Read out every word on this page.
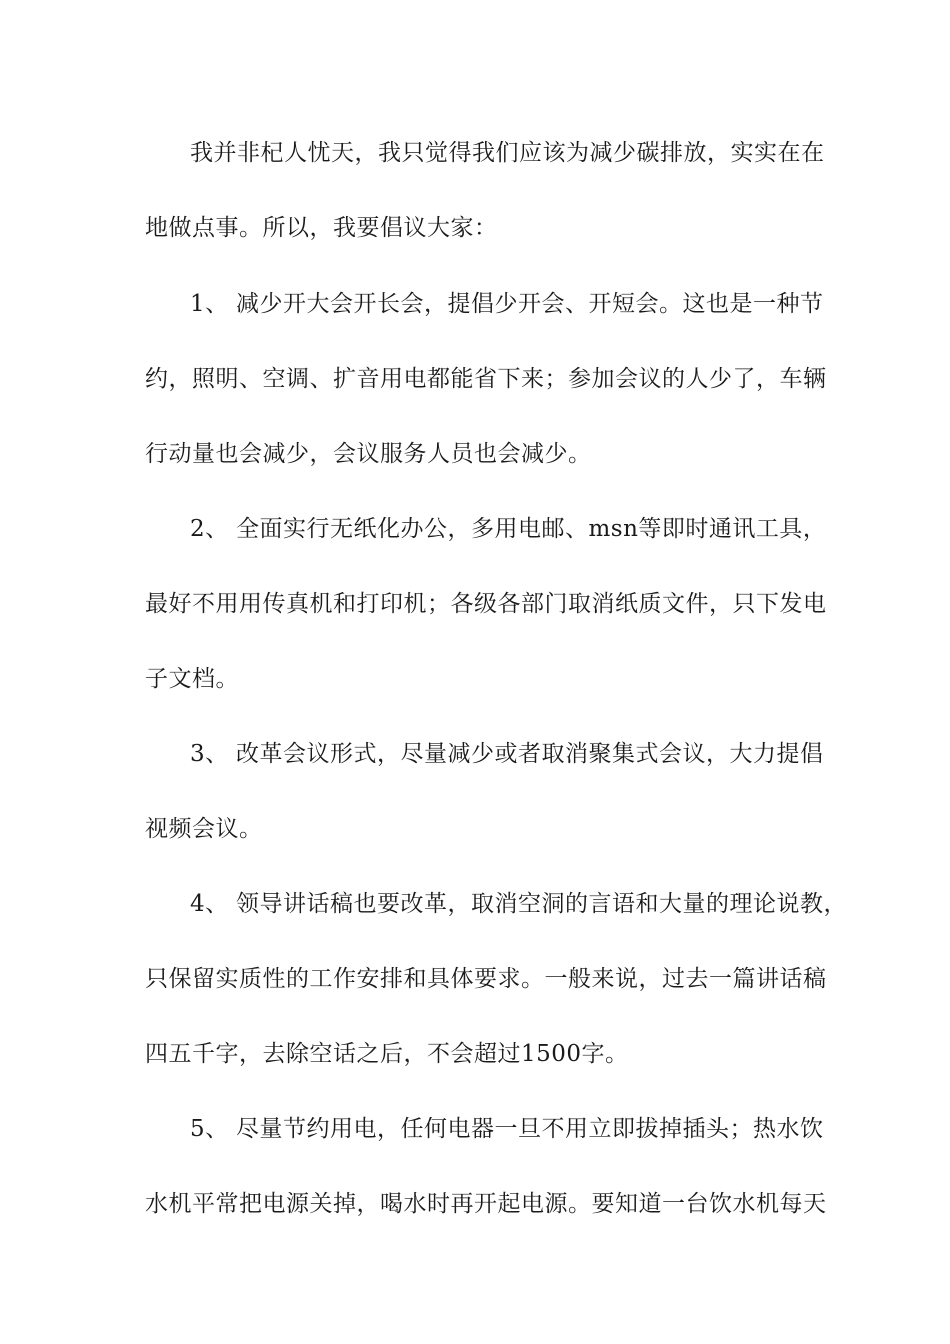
我并非杞人忧天，我只觉得我们应该为减少碳排放，实实在在
地做点事。所以，我要倡议大家：
1、 减少开大会开长会，提倡少开会、开短会。这也是一种节
约，照明、空调、扩音用电都能省下来；参加会议的人少了，车辆
行动量也会减少，会议服务人员也会减少。
2、 全面实行无纸化办公，多用电邮、msn等即时通讯工具，
最好不用用传真机和打印机；各级各部门取消纸质文件，只下发电
子文档。
3、 改革会议形式，尽量减少或者取消聚集式会议，大力提倡
视频会议。
4、 领导讲话稿也要改革，取消空洞的言语和大量的理论说教，
只保留实质性的工作安排和具体要求。一般来说，过去一篇讲话稿
四五千字，去除空话之后，不会超过1500字。
5、 尽量节约用电，任何电器一旦不用立即拔掉插头；热水饮
水机平常把电源关掉，喝水时再开起电源。要知道一台饮水机每天
